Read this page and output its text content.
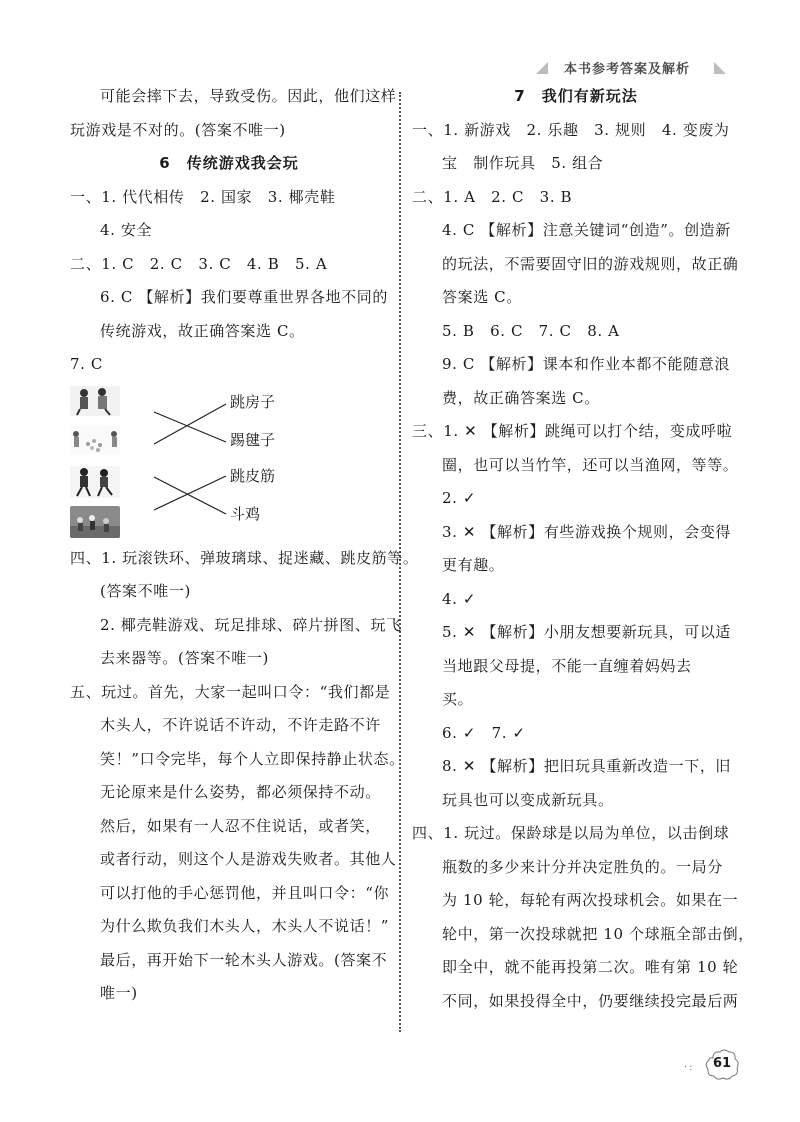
本书参考答案及解析
可能会摔下去，导致受伤。因此，他们这样
玩游戏是不对的。(答案不唯一)
6　传统游戏我会玩
一、1. 代代相传　2. 国家　3. 椰壳鞋
4. 安全
二、1. C　2. C　3. C　4. B　5. A
6. C 【解析】我们要尊重世界各地不同的
传统游戏，故正确答案选 C。
7. C
跳房子
踢毽子
跳皮筋
斗鸡
四、1. 玩滚铁环、弹玻璃球、捉迷藏、跳皮筋等。
(答案不唯一)
2. 椰壳鞋游戏、玩足排球、碎片拼图、玩飞
去来器等。(答案不唯一)
五、玩过。首先，大家一起叫口令：“我们都是
木头人，不许说话不许动，不许走路不许
笑！”口令完毕，每个人立即保持静止状态。
无论原来是什么姿势，都必须保持不动。
然后，如果有一人忍不住说话，或者笑，
或者行动，则这个人是游戏失败者。其他人
可以打他的手心惩罚他，并且叫口令：“你
为什么欺负我们木头人，木头人不说话！”
最后，再开始下一轮木头人游戏。(答案不
唯一)
7　我们有新玩法
一、1. 新游戏　2. 乐趣　3. 规则　4. 变废为
宝　制作玩具　5. 组合
二、1. A　2. C　3. B
4. C 【解析】注意关键词“创造”。创造新
的玩法，不需要固守旧的游戏规则，故正确
答案选 C。
5. B　6. C　7. C　8. A
9. C 【解析】课本和作业本都不能随意浪
费，故正确答案选 C。
三、1. ✕ 【解析】跳绳可以打个结，变成呼啦
圈，也可以当竹竿，还可以当渔网，等等。
2. ✓
3. ✕ 【解析】有些游戏换个规则，会变得
更有趣。
4. ✓
5. ✕ 【解析】小朋友想要新玩具，可以适
当地跟父母提，不能一直缠着妈妈去
买。
6. ✓　7. ✓
8. ✕ 【解析】把旧玩具重新改造一下，旧
玩具也可以变成新玩具。
四、1. 玩过。保龄球是以局为单位，以击倒球
瓶数的多少来计分并决定胜负的。一局分
为 10 轮，每轮有两次投球机会。如果在一
轮中，第一次投球就把 10 个球瓶全部击倒，
即全中，就不能再投第二次。唯有第 10 轮
不同，如果投得全中，仍要继续投完最后两
·:	61
